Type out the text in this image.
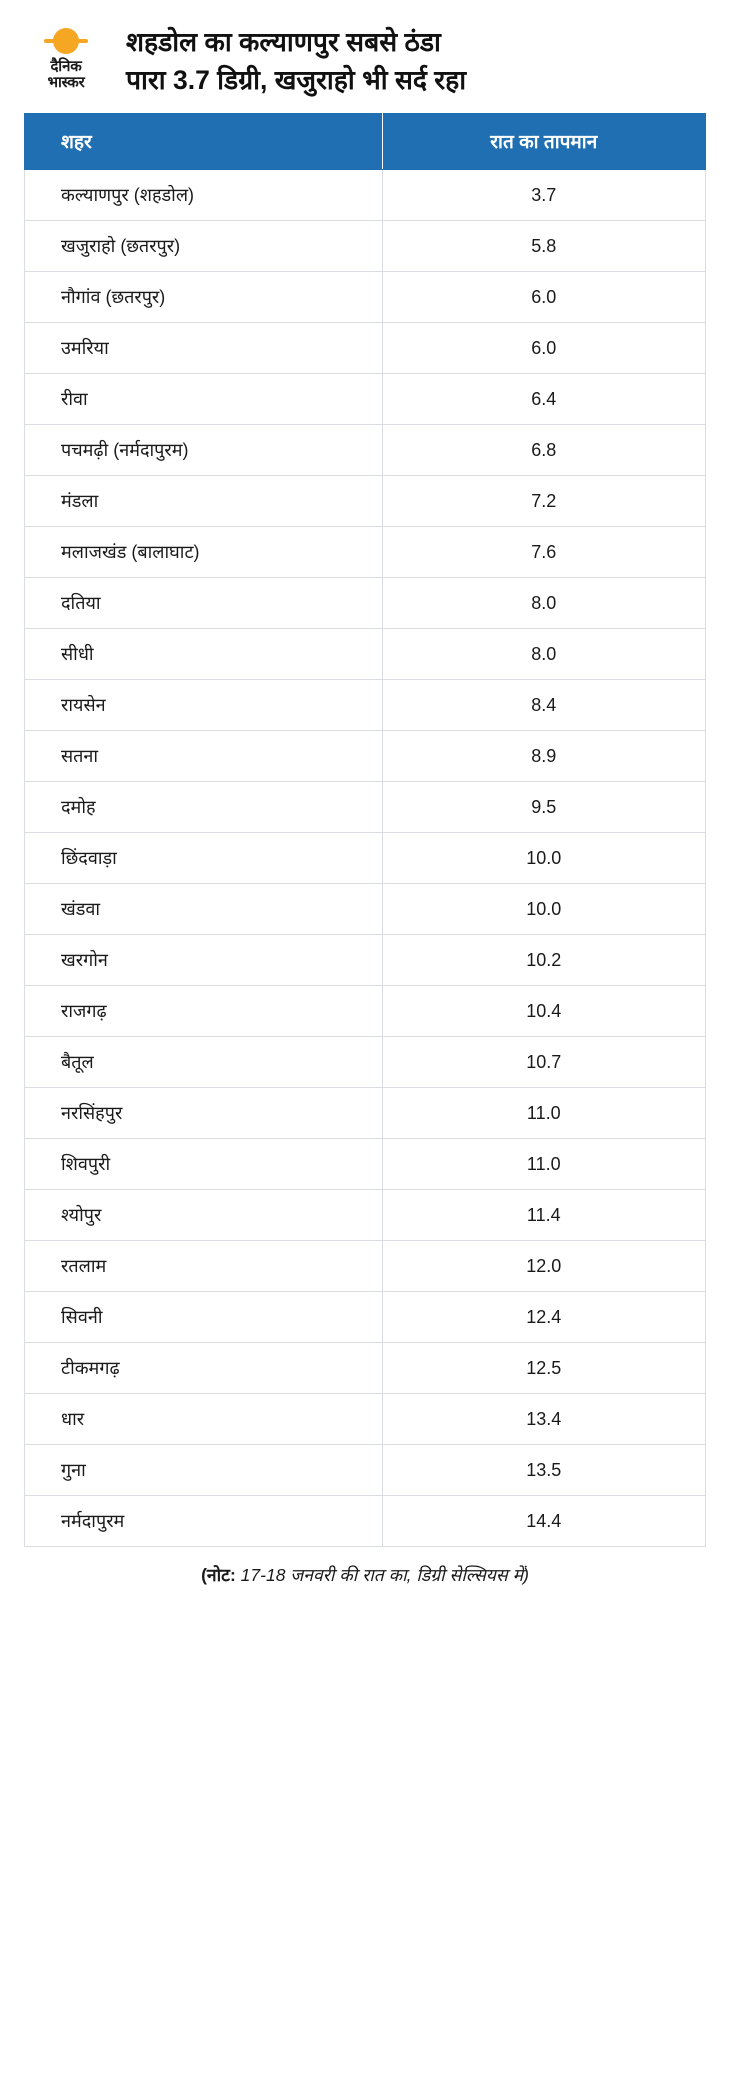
दैनिक
भास्कर
शहडोल का कल्याणपुर सबसे ठंडा
पारा 3.7 डिग्री, खजुराहो भी सर्द रहा
शहर	रात का तापमान
कल्याणपुर (शहडोल)	3.7
खजुराहो (छतरपुर)	5.8
नौगांव (छतरपुर)	6.0
उमरिया	6.0
रीवा	6.4
पचमढ़ी (नर्मदापुरम)	6.8
मंडला	7.2
मलाजखंड (बालाघाट)	7.6
दतिया	8.0
सीधी	8.0
रायसेन	8.4
सतना	8.9
दमोह	9.5
छिंदवाड़ा	10.0
खंडवा	10.0
खरगोन	10.2
राजगढ़	10.4
बैतूल	10.7
नरसिंहपुर	11.0
शिवपुरी	11.0
श्योपुर	11.4
रतलाम	12.0
सिवनी	12.4
टीकमगढ़	12.5
धार	13.4
गुना	13.5
नर्मदापुरम	14.4
(नोट: 17-18 जनवरी की रात का, डिग्री सेल्सियस में)
